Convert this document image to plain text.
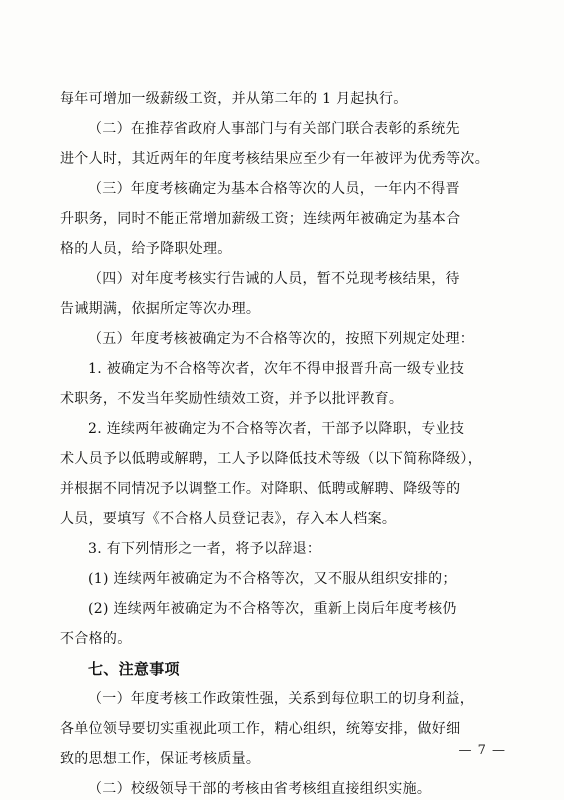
每年可增加一级薪级工资，并从第二年的 1 月起执行。
（二）在推荐省政府人事部门与有关部门联合表彰的系统先
进个人时，其近两年的年度考核结果应至少有一年被评为优秀等次。
（三）年度考核确定为基本合格等次的人员，一年内不得晋
升职务，同时不能正常增加薪级工资；连续两年被确定为基本合
格的人员，给予降职处理。
（四）对年度考核实行告诫的人员，暂不兑现考核结果，待
告诫期满，依据所定等次办理。
（五）年度考核被确定为不合格等次的，按照下列规定处理：
1. 被确定为不合格等次者，次年不得申报晋升高一级专业技
术职务，不发当年奖励性绩效工资，并予以批评教育。
2. 连续两年被确定为不合格等次者，干部予以降职，专业技
术人员予以低聘或解聘，工人予以降低技术等级（以下简称降级），
并根据不同情况予以调整工作。对降职、低聘或解聘、降级等的
人员，要填写《不合格人员登记表》，存入本人档案。
3. 有下列情形之一者，将予以辞退：
(1) 连续两年被确定为不合格等次，又不服从组织安排的；
(2) 连续两年被确定为不合格等次，重新上岗后年度考核仍
不合格的。
七、注意事项
（一）年度考核工作政策性强，关系到每位职工的切身利益，
各单位领导要切实重视此项工作，精心组织，统筹安排，做好细
致的思想工作，保证考核质量。
（二）校级领导干部的考核由省考核组直接组织实施。
— 7 —
